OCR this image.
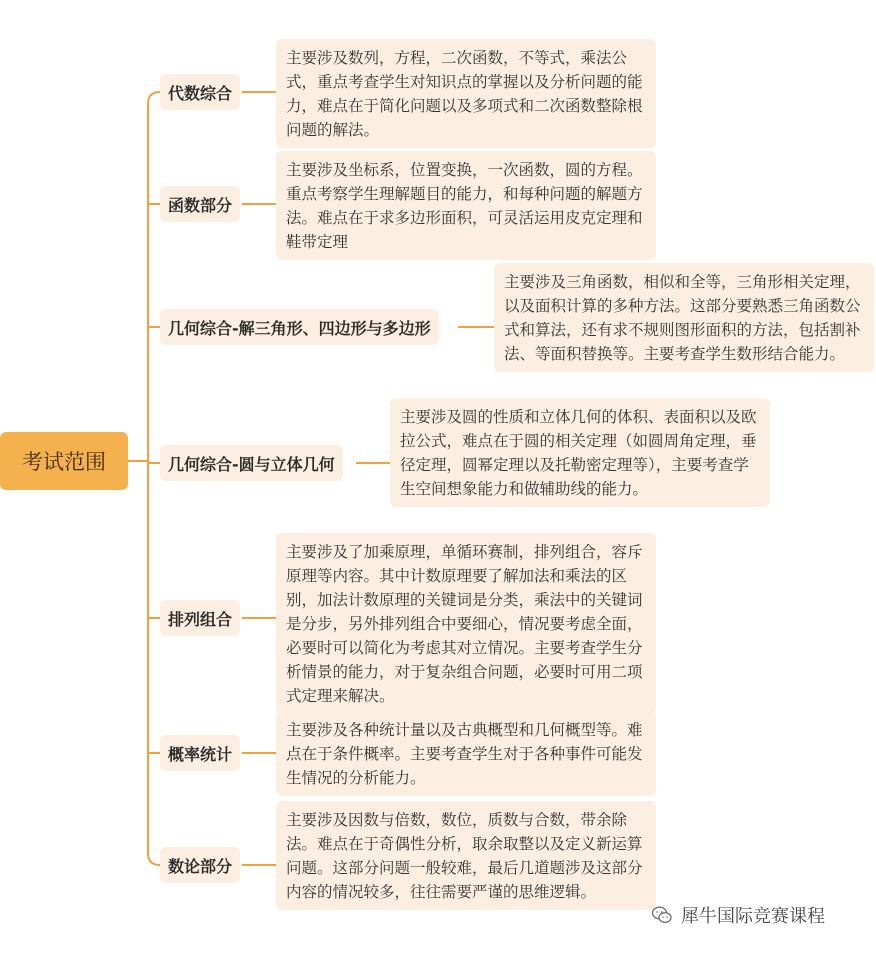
考试范围
代数综合
主要涉及数列，方程，二次函数，不等式，乘法公式，重点考查学生对知识点的掌握以及分析问题的能力，难点在于简化问题以及多项式和二次函数整除根问题的解法。
函数部分
主要涉及坐标系，位置变换，一次函数，圆的方程。重点考察学生理解题目的能力，和每种问题的解题方法。难点在于求多边形面积，可灵活运用皮克定理和鞋带定理
几何综合-解三角形、四边形与多边形
主要涉及三角函数，相似和全等，三角形相关定理，以及面积计算的多种方法。这部分要熟悉三角函数公式和算法，还有求不规则图形面积的方法，包括割补法、等面积替换等。主要考查学生数形结合能力。
几何综合-圆与立体几何
主要涉及圆的性质和立体几何的体积、表面积以及欧拉公式，难点在于圆的相关定理（如圆周角定理，垂径定理，圆幂定理以及托勒密定理等），主要考查学生空间想象能力和做辅助线的能力。
排列组合
主要涉及了加乘原理，单循环赛制，排列组合，容斥原理等内容。其中计数原理要了解加法和乘法的区别，加法计数原理的关键词是分类，乘法中的关键词是分步，另外排列组合中要细心，情况要考虑全面，必要时可以简化为考虑其对立情况。主要考查学生分析情景的能力，对于复杂组合问题，必要时可用二项式定理来解决。
概率统计
主要涉及各种统计量以及古典概型和几何概型等。难点在于条件概率。主要考查学生对于各种事件可能发生情况的分析能力。
数论部分
主要涉及因数与倍数，数位，质数与合数，带余除法。难点在于奇偶性分析，取余取整以及定义新运算问题。这部分问题一般较难，最后几道题涉及这部分内容的情况较多，往往需要严谨的思维逻辑。
犀牛国际竞赛课程
